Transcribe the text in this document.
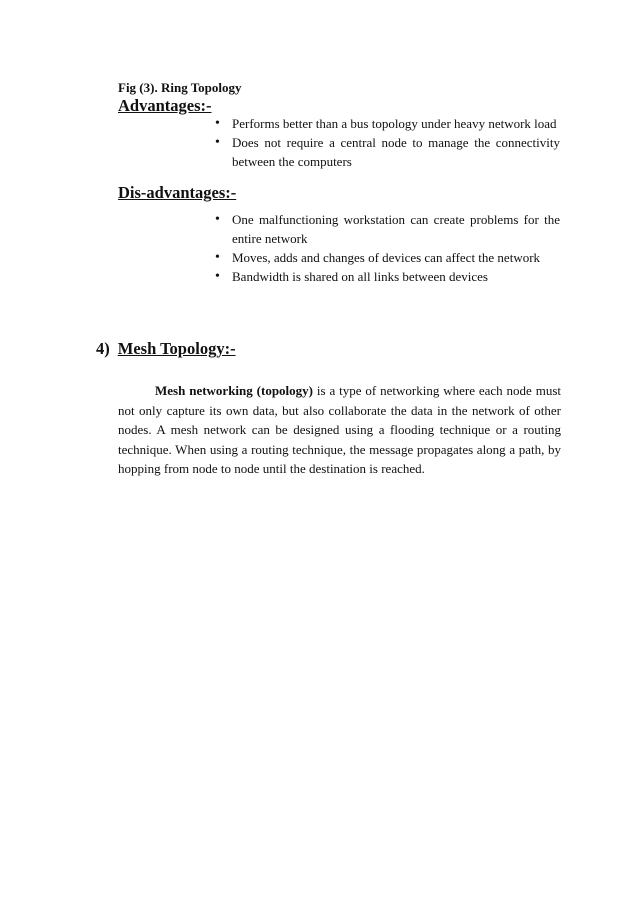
Fig (3). Ring Topology
Advantages:-
• Performs better than a bus topology under heavy network load
• Does not require a central node to manage the connectivity between the computers
Dis-advantages:-
• One malfunctioning workstation can create problems for the entire network
• Moves, adds and changes of devices can affect the network
• Bandwidth is shared on all links between devices
4) Mesh Topology:-

Mesh networking (topology) is a type of networking where each node must not only capture its own data, but also collaborate the data in the network of other nodes. A mesh network can be designed using a flooding technique or a routing technique. When using a routing technique, the message propagates along a path, by hopping from node to node until the destination is reached.
